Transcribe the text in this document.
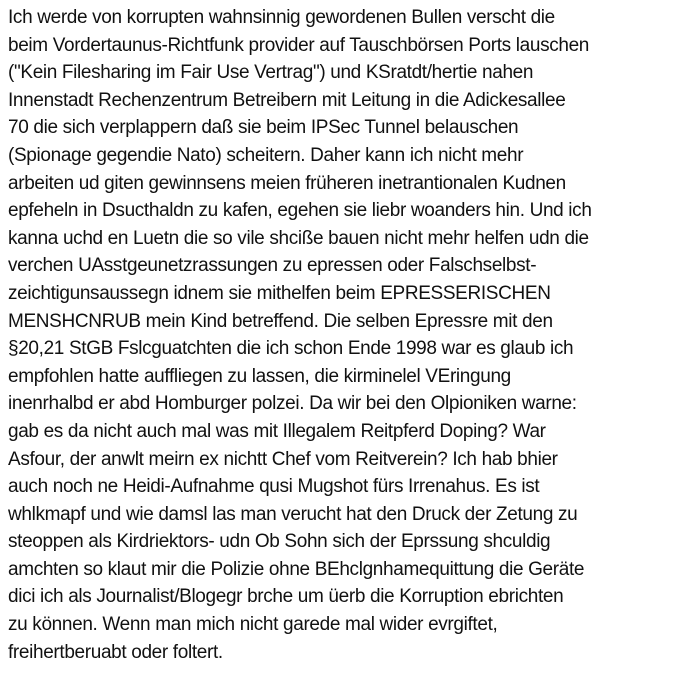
Ich werde von korrupten wahnsinnig gewordenen Bullen verscht die
beim Vordertaunus-Richtfunk provider auf Tauschbörsen Ports lauschen
("Kein Filesharing im Fair Use Vertrag") und KSratdt/hertie nahen
Innenstadt Rechenzentrum Betreibern mit Leitung in die Adickesallee
70 die sich verplappern daß sie beim IPSec Tunnel belauschen
(Spionage gegendie Nato) scheitern. Daher kann ich nicht mehr
arbeiten ud giten gewinnsens meien früheren inetrantionalen Kudnen
epfeheln in Dsucthaldn zu kafen, egehen sie liebr woanders hin. Und ich
kanna uchd en Luetn die so vile shciße bauen nicht mehr helfen udn die
verchen UAsstgeunetzrassungen zu epressen oder Falschselbst-
zeichtigunsaussegn idnem sie mithelfen beim EPRESSERISCHEN
MENSHCNRUB mein Kind betreffend. Die selben Epressre mit den
§20,21 StGB Fslcguatchten die ich schon Ende 1998 war es glaub ich
empfohlen hatte auffliegen zu lassen, die kirminelel VEringung
inenrhalbd er abd Homburger polzei. Da wir bei den Olpioniken warne:
gab es da nicht auch mal was mit Illegalem Reitpferd Doping? War
Asfour, der anwlt meirn ex nichtt Chef vom Reitverein? Ich hab bhier
auch noch ne Heidi-Aufnahme qusi Mugshot fürs Irrenahus. Es ist
whlkmapf und wie damsl las man verucht hat den Druck der Zetung zu
steoppen als Kirdriektors- udn Ob Sohn sich der Eprssung shculdig
amchten so klaut mir die Polizie ohne BEhclgnhamequittung die Geräte
dici ich als Journalist/Blogegr brche um üerb die Korruption ebrichten
zu können. Wenn man mich nicht garede mal wider evrgiftet,
freihertberuabt oder foltert.
